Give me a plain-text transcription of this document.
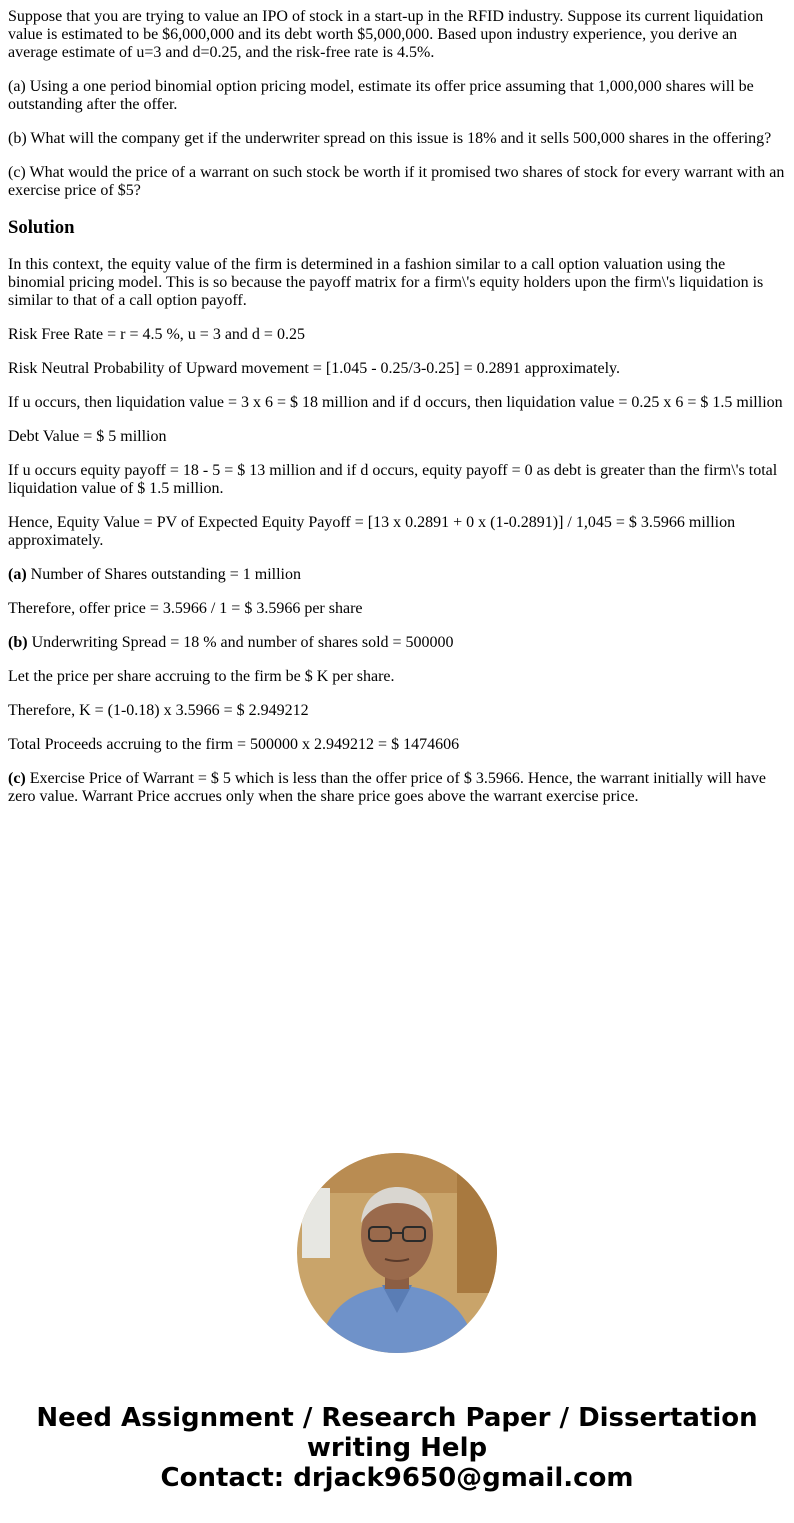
Suppose that you are trying to value an IPO of stock in a start-up in the RFID industry. Suppose its current liquidation value is estimated to be $6,000,000 and its debt worth $5,000,000. Based upon industry experience, you derive an average estimate of u=3 and d=0.25, and the risk-free rate is 4.5%.

(a) Using a one period binomial option pricing model, estimate its offer price assuming that 1,000,000 shares will be outstanding after the offer.

(b) What will the company get if the underwriter spread on this issue is 18% and it sells 500,000 shares in the offering?

(c) What would the price of a warrant on such stock be worth if it promised two shares of stock for every warrant with an exercise price of $5?

Solution

In this context, the equity value of the firm is determined in a fashion similar to a call option valuation using the binomial pricing model. This is so because the payoff matrix for a firm\'s equity holders upon the firm\'s liquidation is similar to that of a call option payoff.

Risk Free Rate = r = 4.5 %, u = 3 and d = 0.25

Risk Neutral Probability of Upward movement = [1.045 - 0.25/3-0.25] = 0.2891 approximately.

If u occurs, then liquidation value = 3 x 6 = $ 18 million and if d occurs, then liquidation value = 0.25 x 6 = $ 1.5 million

Debt Value = $ 5 million

If u occurs equity payoff = 18 - 5 = $ 13 million and if d occurs, equity payoff = 0 as debt is greater than the firm\'s total liquidation value of $ 1.5 million.

Hence, Equity Value = PV of Expected Equity Payoff = [13 x 0.2891 + 0 x (1-0.2891)] / 1,045 = $ 3.5966 million approximately.

(a) Number of Shares outstanding = 1 million

Therefore, offer price = 3.5966 / 1 = $ 3.5966 per share

(b) Underwriting Spread = 18 % and number of shares sold = 500000

Let the price per share accruing to the firm be $ K per share.

Therefore, K = (1-0.18) x 3.5966 = $ 2.949212

Total Proceeds accruing to the firm = 500000 x 2.949212 = $ 1474606

(c) Exercise Price of Warrant = $ 5 which is less than the offer price of $ 3.5966. Hence, the warrant initially will have zero value. Warrant Price accrues only when the share price goes above the warrant exercise price.

Need Assignment / Research Paper / Dissertation
writing Help
Contact: drjack9650@gmail.com
